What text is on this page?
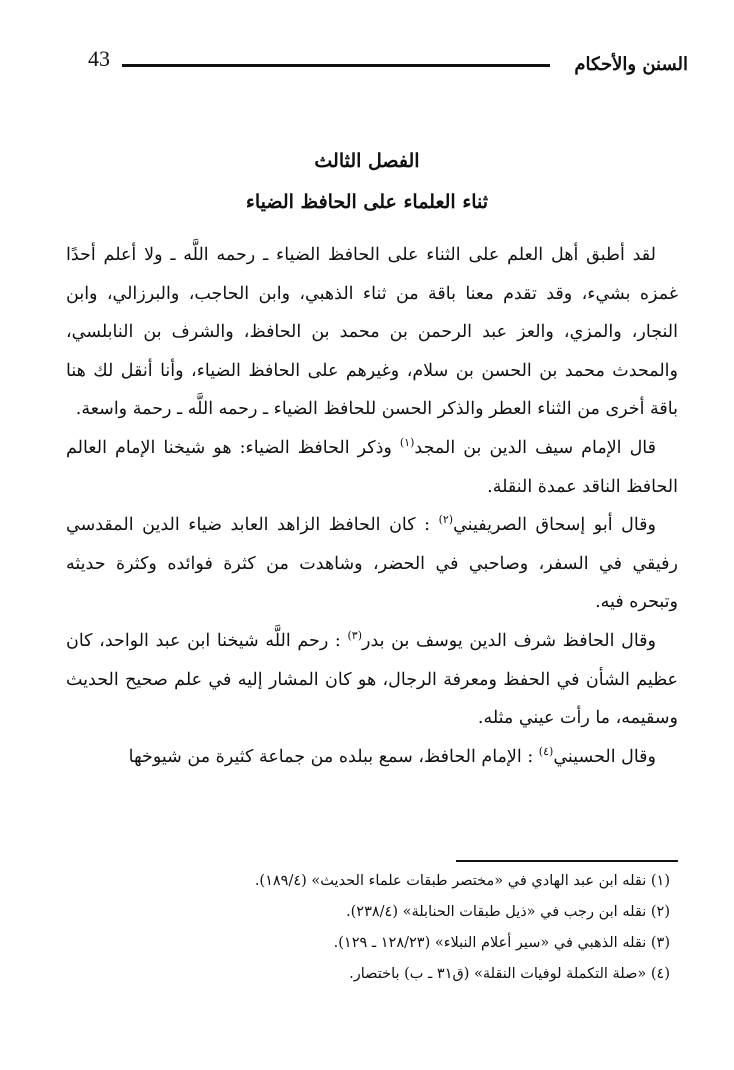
43	السنن والأحكام
الفصل الثالث
ثناء العلماء على الحافظ الضياء

لقد أطبق أهل العلم على الثناء على الحافظ الضياء ـ رحمه اللَّه ـ ولا أعلم أحدًا غمزه بشيء، وقد تقدم معنا باقة من ثناء الذهبي، وابن الحاجب، والبرزالي، وابن النجار، والمزي، والعز عبد الرحمن بن محمد بن الحافظ، والشرف بن النابلسي، والمحدث محمد بن الحسن بن سلام، وغيرهم على الحافظ الضياء، وأنا أنقل لك هنا باقة أخرى من الثناء العطر والذكر الحسن للحافظ الضياء ـ رحمه اللَّه ـ رحمة واسعة.

قال الإمام سيف الدين بن المجد$^{(١)}$ وذكر الحافظ الضياء: هو شيخنا الإمام العالم الحافظ الناقد عمدة النقلة.

وقال أبو إسحاق الصريفيني$^{(٢)}$ : كان الحافظ الزاهد العابد ضياء الدين المقدسي رفيقي في السفر، وصاحبي في الحضر، وشاهدت من كثرة فوائده وكثرة حديثه وتبحره فيه.

وقال الحافظ شرف الدين يوسف بن بدر$^{(٣)}$ : رحم اللَّه شيخنا ابن عبد الواحد، كان عظيم الشأن في الحفظ ومعرفة الرجال، هو كان المشار إليه في علم صحيح الحديث وسقيمه، ما رأت عيني مثله.

وقال الحسيني$^{(٤)}$ : الإمام الحافظ، سمع ببلده من جماعة كثيرة من شيوخها

(١) نقله ابن عبد الهادي في «مختصر طبقات علماء الحديث» (١٨٩/٤).

(٢) نقله ابن رجب في «ذيل طبقات الحنابلة» (٢٣٨/٤).

(٣) نقله الذهبي في «سير أعلام النبلاء» (١٢٨/٢٣ ـ ١٢٩).

(٤) «صلة التكملة لوفيات النقلة» (ق٣١ ـ ب) باختصار.
